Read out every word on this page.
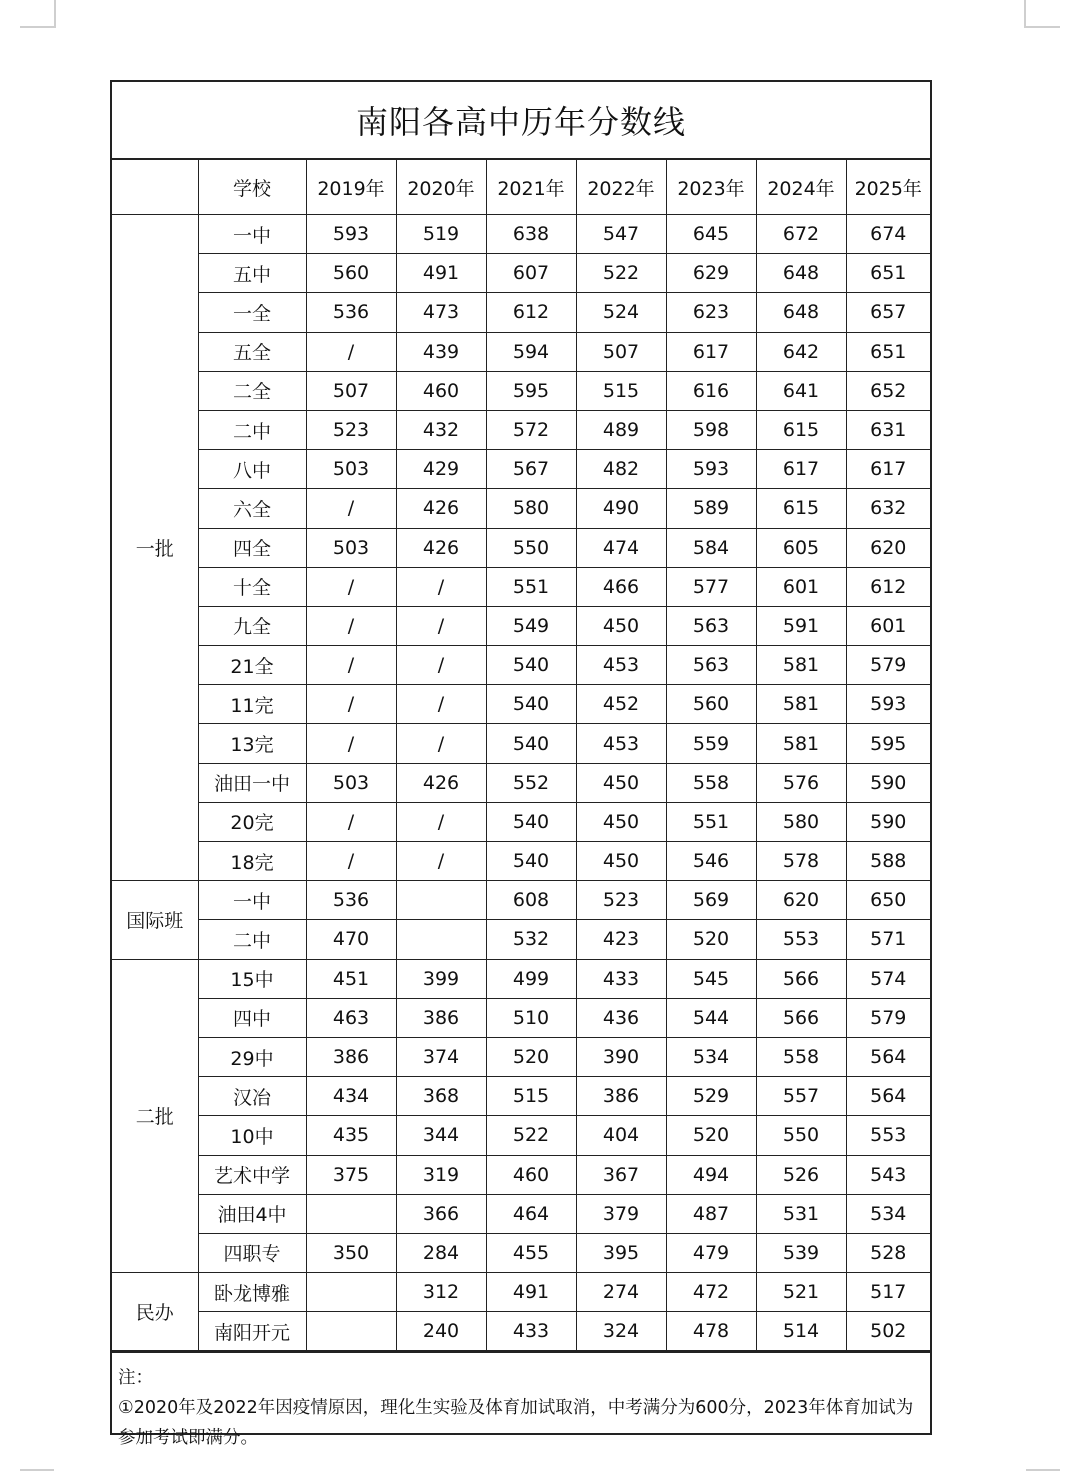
南阳各高中历年分数线
	学校	2019年	2020年	2021年	2022年	2023年	2024年	2025年
一批	一中	593	519	638	547	645	672	674
	五中	560	491	607	522	629	648	651
	一全	536	473	612	524	623	648	657
	五全	/	439	594	507	617	642	651
	二全	507	460	595	515	616	641	652
	二中	523	432	572	489	598	615	631
	八中	503	429	567	482	593	617	617
	六全	/	426	580	490	589	615	632
	四全	503	426	550	474	584	605	620
	十全	/	/	551	466	577	601	612
	九全	/	/	549	450	563	591	601
	21全	/	/	540	453	563	581	579
	11完	/	/	540	452	560	581	593
	13完	/	/	540	453	559	581	595
	油田一中	503	426	552	450	558	576	590
	20完	/	/	540	450	551	580	590
	18完	/	/	540	450	546	578	588
国际班	一中	536		608	523	569	620	650
	二中	470		532	423	520	553	571
二批	15中	451	399	499	433	545	566	574
	四中	463	386	510	436	544	566	579
	29中	386	374	520	390	534	558	564
	汉冶	434	368	515	386	529	557	564
	10中	435	344	522	404	520	550	553
	艺术中学	375	319	460	367	494	526	543
	油田4中		366	464	379	487	531	534
	四职专	350	284	455	395	479	539	528
民办	卧龙博雅		312	491	274	472	521	517
	南阳开元		240	433	324	478	514	502
注：
①2020年及2022年因疫情原因，理化生实验及体育加试取消，中考满分为600分，2023年体育加试为参加考试即满分。
